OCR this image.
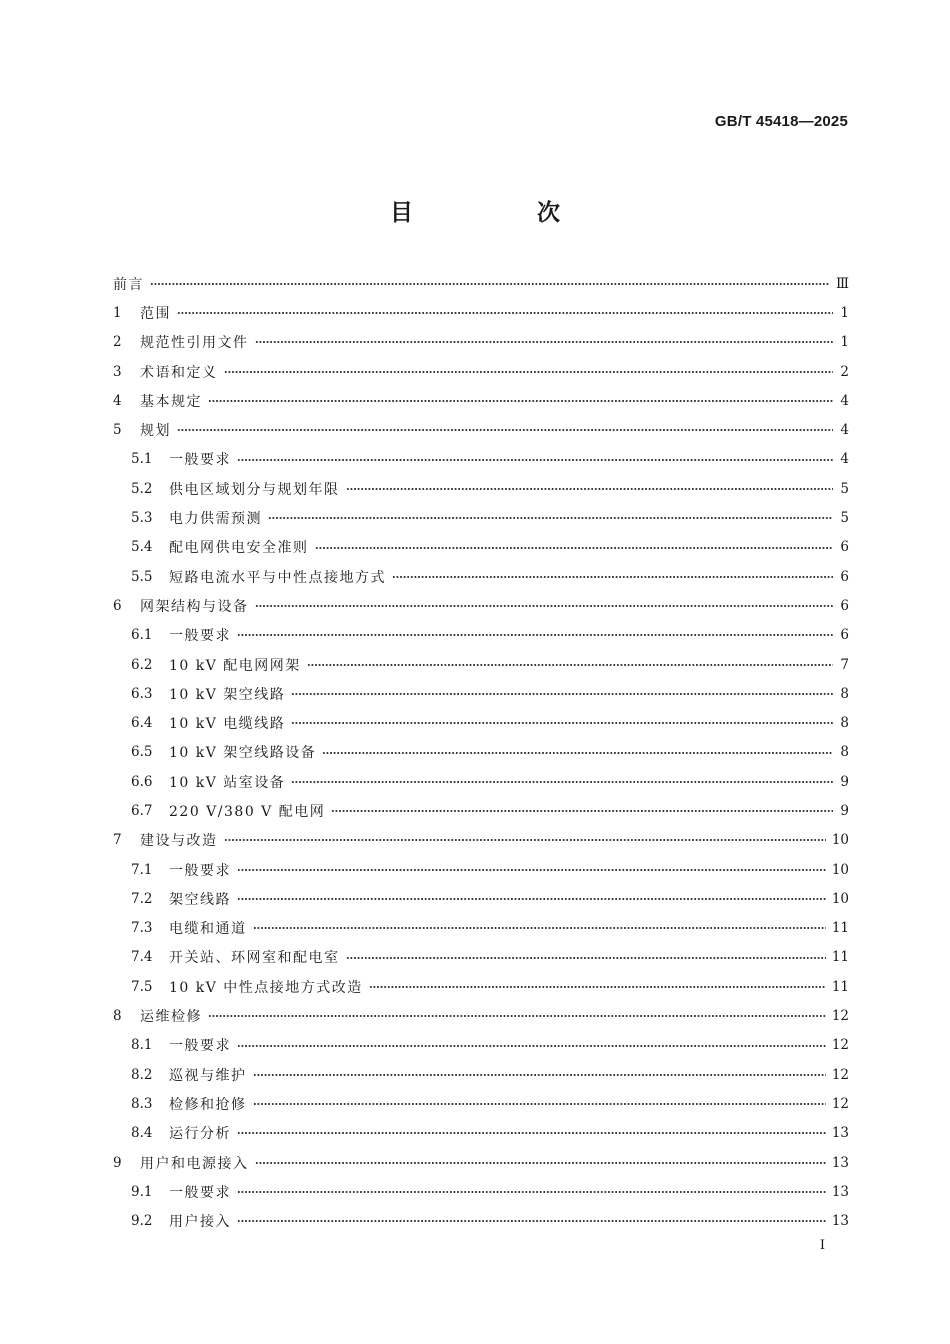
GB/T 45418—2025
目 次
前言	Ⅲ
1	范围	1
2	规范性引用文件	1
3	术语和定义	2
4	基本规定	4
5	规划	4
5.1	一般要求	4
5.2	供电区域划分与规划年限	5
5.3	电力供需预测	5
5.4	配电网供电安全准则	6
5.5	短路电流水平与中性点接地方式	6
6	网架结构与设备	6
6.1	一般要求	6
6.2	10 kV 配电网网架	7
6.3	10 kV 架空线路	8
6.4	10 kV 电缆线路	8
6.5	10 kV 架空线路设备	8
6.6	10 kV 站室设备	9
6.7	220 V/380 V 配电网	9
7	建设与改造	10
7.1	一般要求	10
7.2	架空线路	10
7.3	电缆和通道	11
7.4	开关站、环网室和配电室	11
7.5	10 kV 中性点接地方式改造	11
8	运维检修	12
8.1	一般要求	12
8.2	巡视与维护	12
8.3	检修和抢修	12
8.4	运行分析	13
9	用户和电源接入	13
9.1	一般要求	13
9.2	用户接入	13
Ⅰ
